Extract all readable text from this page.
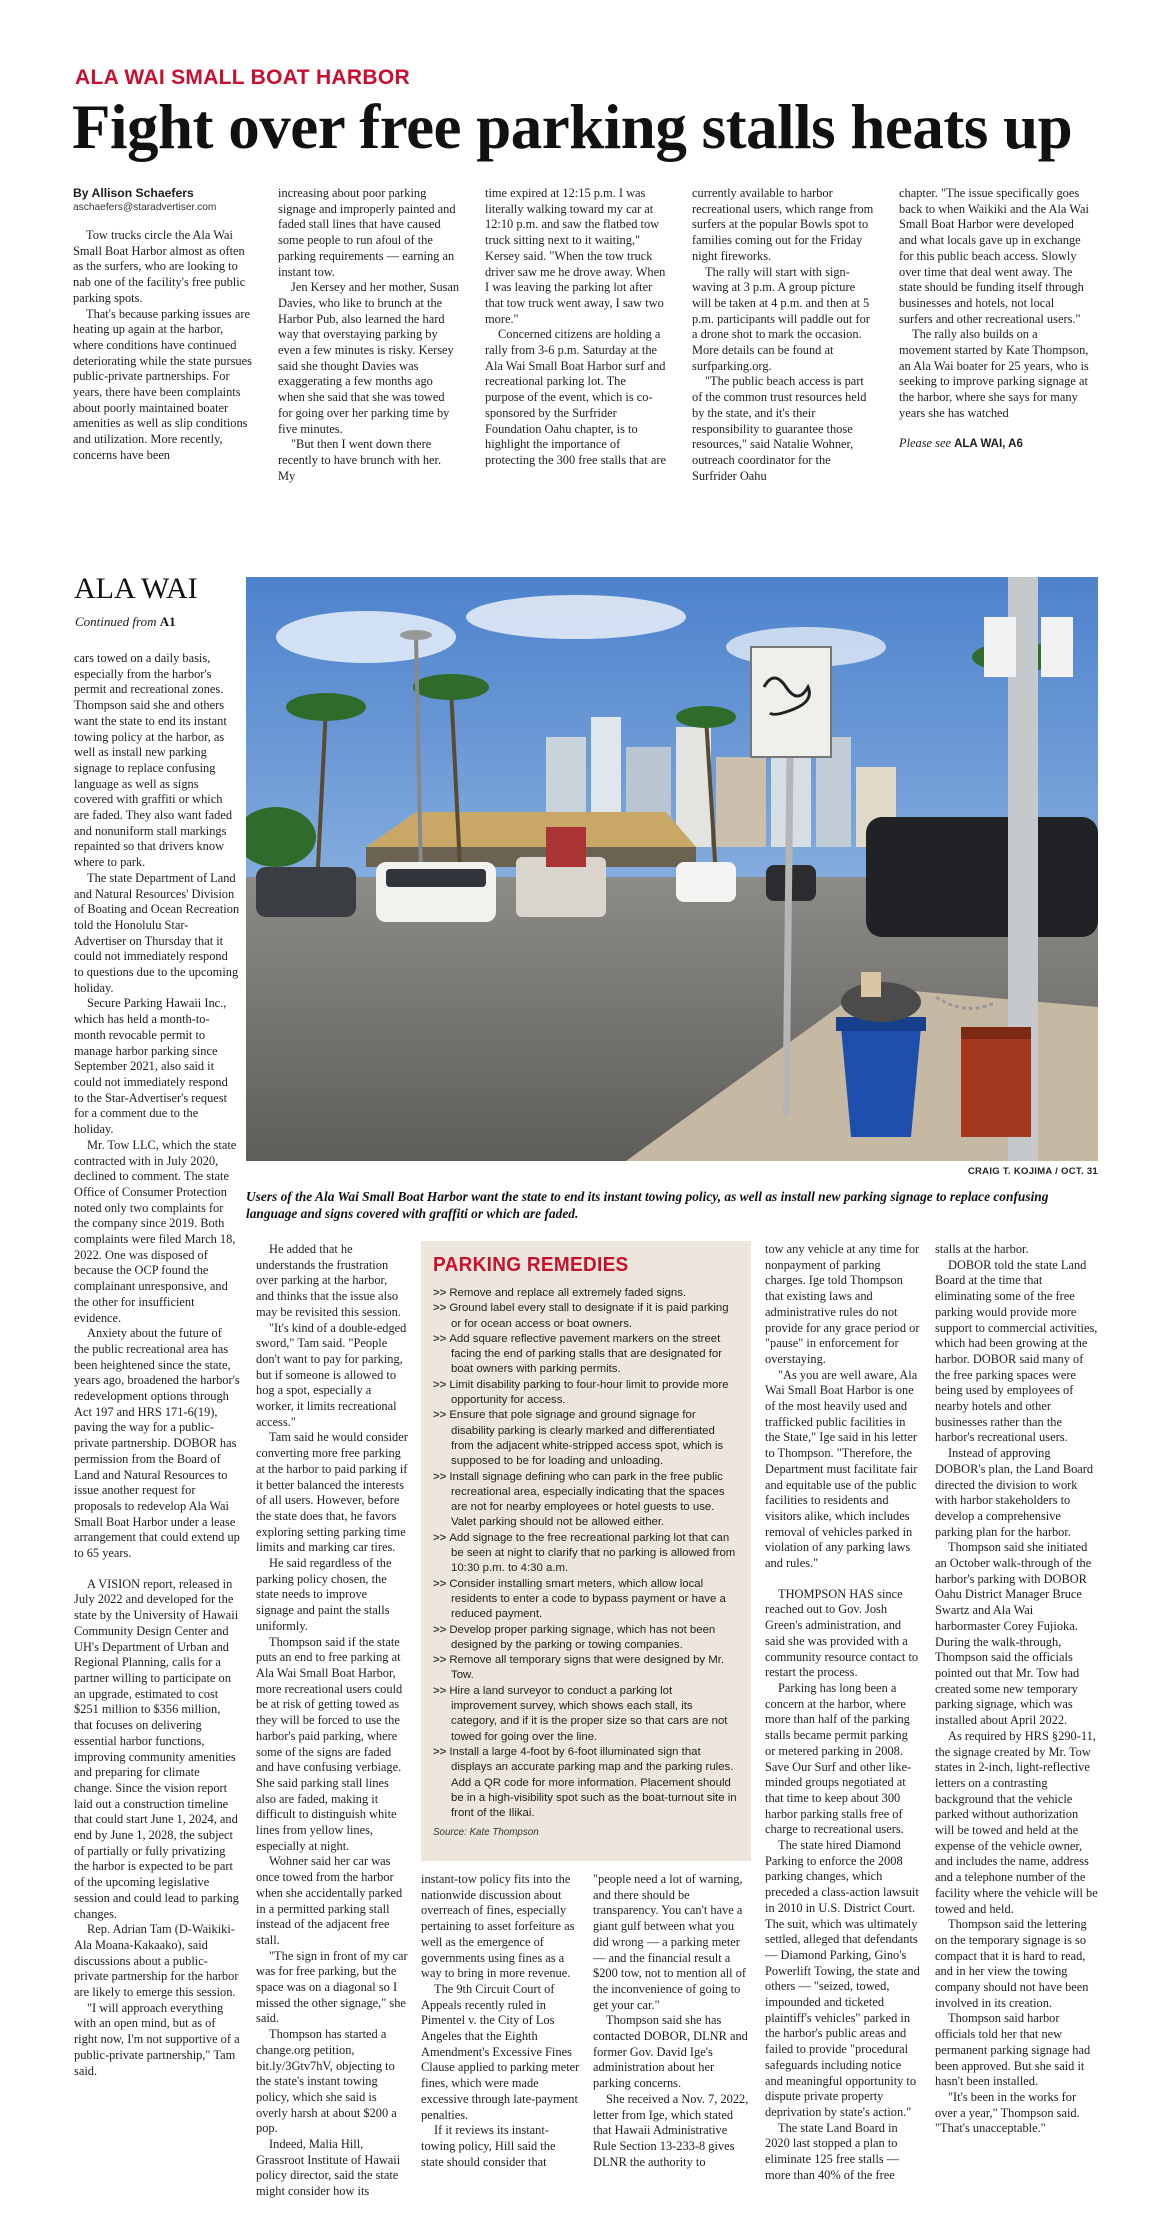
ALA WAI SMALL BOAT HARBOR
Fight over free parking stalls heats up
By Allison Schaefers
aschaefers@staradvertiser.com

Tow trucks circle the Ala Wai Small Boat Harbor almost as often as the surfers, who are looking to nab one of the facility's free public parking spots.

That's because parking issues are heating up again at the harbor, where conditions have continued deteriorating while the state pursues public-private partnerships. For years, there have been complaints about poorly maintained boater amenities as well as slip conditions and utilization. More recently, concerns have been

increasing about poor parking signage and improperly painted and faded stall lines that have caused some people to run afoul of the parking requirements — earning an instant tow.

Jen Kersey and her mother, Susan Davies, who like to brunch at the Harbor Pub, also learned the hard way that overstaying parking by even a few minutes is risky. Kersey said she thought Davies was exaggerating a few months ago when she said that she was towed for going over her parking time by five minutes.

"But then I went down there recently to have brunch with her. My

time expired at 12:15 p.m. I was literally walking toward my car at 12:10 p.m. and saw the flatbed tow truck sitting next to it waiting," Kersey said. "When the tow truck driver saw me he drove away. When I was leaving the parking lot after that tow truck went away, I saw two more."

Concerned citizens are holding a rally from 3-6 p.m. Saturday at the Ala Wai Small Boat Harbor surf and recreational parking lot. The purpose of the event, which is co-sponsored by the Surfrider Foundation Oahu chapter, is to highlight the importance of protecting the 300 free stalls that are

currently available to harbor recreational users, which range from surfers at the popular Bowls spot to families coming out for the Friday night fireworks.

The rally will start with sign-waving at 3 p.m. A group picture will be taken at 4 p.m. and then at 5 p.m. participants will paddle out for a drone shot to mark the occasion. More details can be found at surfparking.org.

"The public beach access is part of the common trust resources held by the state, and it's their responsibility to guarantee those resources," said Natalie Wohner, outreach coordinator for the Surfrider Oahu

chapter. "The issue specifically goes back to when Waikiki and the Ala Wai Small Boat Harbor were developed and what locals gave up in exchange for this public beach access. Slowly over time that deal went away. The state should be funding itself through businesses and hotels, not local surfers and other recreational users."

The rally also builds on a movement started by Kate Thompson, an Ala Wai boater for 25 years, who is seeking to improve parking signage at the harbor, where she says for many years she has watched

Please see ALA WAI, A6

ALA WAI
Continued from A1
CRAIG T. KOJIMA / OCT. 31
Users of the Ala Wai Small Boat Harbor want the state to end its instant towing policy, as well as install new parking signage to replace confusing language and signs covered with graffiti or which are faded.

cars towed on a daily basis, especially from the harbor's permit and recreational zones. Thompson said she and others want the state to end its instant towing policy at the harbor, as well as install new parking signage to replace confusing language as well as signs covered with graffiti or which are faded. They also want faded and nonuniform stall markings repainted so that drivers know where to park.

The state Department of Land and Natural Resources' Division of Boating and Ocean Recreation told the Honolulu Star-Advertiser on Thursday that it could not immediately respond to questions due to the upcoming holiday.

Secure Parking Hawaii Inc., which has held a month-to-month revocable permit to manage harbor parking since September 2021, also said it could not immediately respond to the Star-Advertiser's request for a comment due to the holiday.

Mr. Tow LLC, which the state contracted with in July 2020, declined to comment. The state Office of Consumer Protection noted only two complaints for the company since 2019. Both complaints were filed March 18, 2022. One was disposed of because the OCP found the complainant unresponsive, and the other for insufficient evidence.

Anxiety about the future of the public recreational area has been heightened since the state, years ago, broadened the harbor's redevelopment options through Act 197 and HRS 171-6(19), paving the way for a public-private partnership. DOBOR has permission from the Board of Land and Natural Resources to issue another request for proposals to redevelop Ala Wai Small Boat Harbor under a lease arrangement that could extend up to 65 years.

A VISION report, released in July 2022 and developed for the state by the University of Hawaii Community Design Center and UH's Department of Urban and Regional Planning, calls for a partner willing to participate on an upgrade, estimated to cost $251 million to $356 million, that focuses on delivering essential harbor functions, improving community amenities and preparing for climate change. Since the vision report laid out a construction timeline that could start June 1, 2024, and end by June 1, 2028, the subject of partially or fully privatizing the harbor is expected to be part of the upcoming legislative session and could lead to parking changes.

Rep. Adrian Tam (D-Waikiki-Ala Moana-Kakaako), said discussions about a public-private partnership for the harbor are likely to emerge this session.

"I will approach everything with an open mind, but as of right now, I'm not supportive of a public-private partnership," Tam said.

He added that he understands the frustration over parking at the harbor, and thinks that the issue also may be revisited this session.

"It's kind of a double-edged sword," Tam said. "People don't want to pay for parking, but if someone is allowed to hog a spot, especially a worker, it limits recreational access."

Tam said he would consider converting more free parking at the harbor to paid parking if it better balanced the interests of all users. However, before the state does that, he favors exploring setting parking time limits and marking car tires.

He said regardless of the parking policy chosen, the state needs to improve signage and paint the stalls uniformly.

Thompson said if the state puts an end to free parking at Ala Wai Small Boat Harbor, more recreational users could be at risk of getting towed as they will be forced to use the harbor's paid parking, where some of the signs are faded and have confusing verbiage. She said parking stall lines also are faded, making it difficult to distinguish white lines from yellow lines, especially at night.

Wohner said her car was once towed from the harbor when she accidentally parked in a permitted parking stall instead of the adjacent free stall.

"The sign in front of my car was for free parking, but the space was on a diagonal so I missed the other signage," she said.

Thompson has started a change.org petition, bit.ly/3Gtv7hV, objecting to the state's instant towing policy, which she said is overly harsh at about $200 a pop.

Indeed, Malia Hill, Grassroot Institute of Hawaii policy director, said the state might consider how its

PARKING REMEDIES
>> Remove and replace all extremely faded signs.
>> Ground label every stall to designate if it is paid parking or for ocean access or boat owners.
>> Add square reflective pavement markers on the street facing the end of parking stalls that are designated for boat owners with parking permits.
>> Limit disability parking to four-hour limit to provide more opportunity for access.
>> Ensure that pole signage and ground signage for disability parking is clearly marked and differentiated from the adjacent white-stripped access spot, which is supposed to be for loading and unloading.
>> Install signage defining who can park in the free public recreational area, especially indicating that the spaces are not for nearby employees or hotel guests to use. Valet parking should not be allowed either.
>> Add signage to the free recreational parking lot that can be seen at night to clarify that no parking is allowed from 10:30 p.m. to 4:30 a.m.
>> Consider installing smart meters, which allow local residents to enter a code to bypass payment or have a reduced payment.
>> Develop proper parking signage, which has not been designed by the parking or towing companies.
>> Remove all temporary signs that were designed by Mr. Tow.
>> Hire a land surveyor to conduct a parking lot improvement survey, which shows each stall, its category, and if it is the proper size so that cars are not towed for going over the line.
>> Install a large 4-foot by 6-foot illuminated sign that displays an accurate parking map and the parking rules. Add a QR code for more information. Placement should be in a high-visibility spot such as the boat-turnout site in front of the Ilikai.
Source: Kate Thompson

instant-tow policy fits into the nationwide discussion about overreach of fines, especially pertaining to asset forfeiture as well as the emergence of governments using fines as a way to bring in more revenue.

The 9th Circuit Court of Appeals recently ruled in Pimentel v. the City of Los Angeles that the Eighth Amendment's Excessive Fines Clause applied to parking meter fines, which were made excessive through late-payment penalties.

If it reviews its instant-towing policy, Hill said the state should consider that

"people need a lot of warning, and there should be transparency. You can't have a giant gulf between what you did wrong — a parking meter— and the financial result a $200 tow, not to mention all of the inconvenience of going to get your car."

Thompson said she has contacted DOBOR, DLNR and former Gov. David Ige's administration about her parking concerns.

She received a Nov. 7, 2022, letter from Ige, which stated that Hawaii Administrative Rule Section 13-233-8 gives DLNR the authority to

tow any vehicle at any time for nonpayment of parking charges. Ige told Thompson that existing laws and administrative rules do not provide for any grace period or "pause" in enforcement for overstaying.

"As you are well aware, Ala Wai Small Boat Harbor is one of the most heavily used and trafficked public facilities in the State," Ige said in his letter to Thompson. "Therefore, the Department must facilitate fair and equitable use of the public facilities to residents and visitors alike, which includes removal of vehicles parked in violation of any parking laws and rules."

THOMPSON HAS since reached out to Gov. Josh Green's administration, and said she was provided with a community resource contact to restart the process.

Parking has long been a concern at the harbor, where more than half of the parking stalls became permit parking or metered parking in 2008. Save Our Surf and other like-minded groups negotiated at that time to keep about 300 harbor parking stalls free of charge to recreational users.

The state hired Diamond Parking to enforce the 2008 parking changes, which preceded a class-action lawsuit in 2010 in U.S. District Court. The suit, which was ultimately settled, alleged that defendants — Diamond Parking, Gino's Powerlift Towing, the state and others — "seized, towed, impounded and ticketed plaintiff's vehicles" parked in the harbor's public areas and failed to provide "procedural safeguards including notice and meaningful opportunity to dispute private property deprivation by state's action."

The state Land Board in 2020 last stopped a plan to eliminate 125 free stalls — more than 40% of the free

stalls at the harbor.

DOBOR told the state Land Board at the time that eliminating some of the free parking would provide more support to commercial activities, which had been growing at the harbor. DOBOR said many of the free parking spaces were being used by employees of nearby hotels and other businesses rather than the harbor's recreational users.

Instead of approving DOBOR's plan, the Land Board directed the division to work with harbor stakeholders to develop a comprehensive parking plan for the harbor.

Thompson said she initiated an October walk-through of the harbor's parking with DOBOR Oahu District Manager Bruce Swartz and Ala Wai harbormaster Corey Fujioka. During the walk-through, Thompson said the officials pointed out that Mr. Tow had created some new temporary parking signage, which was installed about April 2022.

As required by HRS §290-11, the signage created by Mr. Tow states in 2-inch, light-reflective letters on a contrasting background that the vehicle parked without authorization will be towed and held at the expense of the vehicle owner, and includes the name, address and a telephone number of the facility where the vehicle will be towed and held.

Thompson said the lettering on the temporary signage is so compact that it is hard to read, and in her view the towing company should not have been involved in its creation.

Thompson said harbor officials told her that new permanent parking signage had been approved. But she said it hasn't been installed.

"It's been in the works for over a year," Thompson said. "That's unacceptable."
